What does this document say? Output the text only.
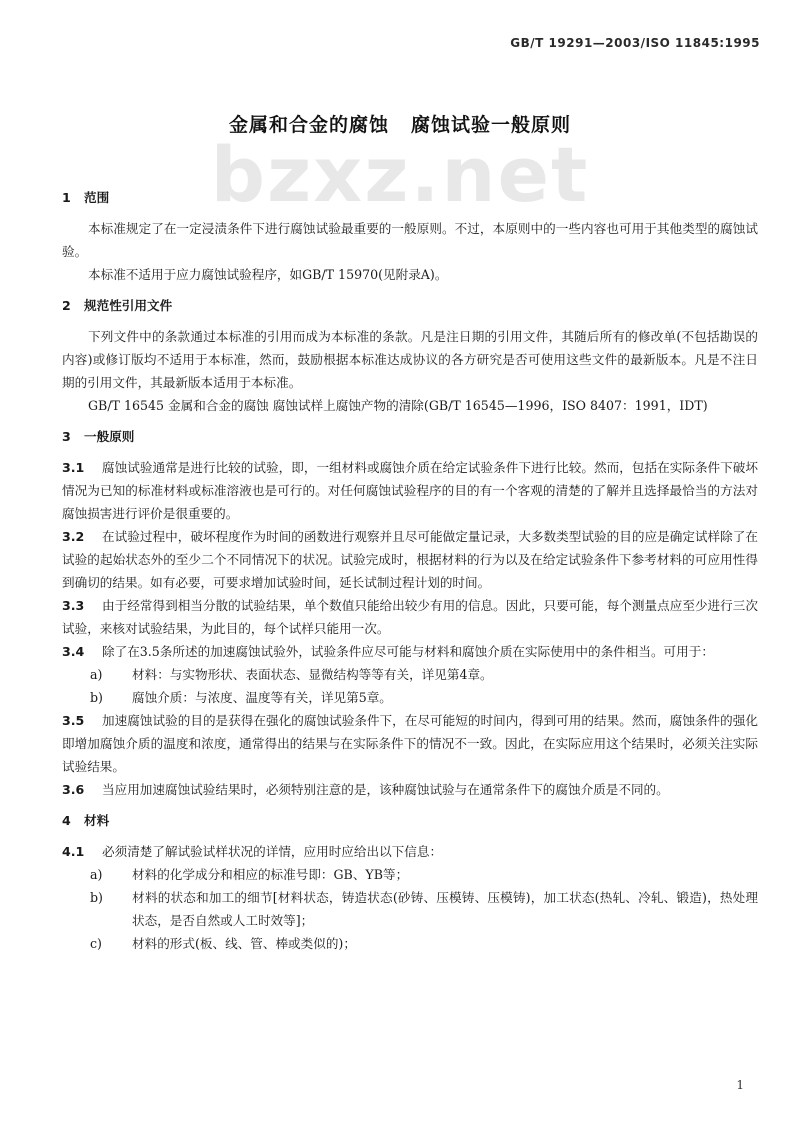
GB/T 19291—2003/ISO 11845:1995
bzxz.net
金属和合金的腐蚀 腐蚀试验一般原则
1 范围

本标准规定了在一定浸渍条件下进行腐蚀试验最重要的一般原则。不过，本原则中的一些内容也可用于其他类型的腐蚀试验。

本标准不适用于应力腐蚀试验程序，如GB/T 15970(见附录A)。

2 规范性引用文件

下列文件中的条款通过本标准的引用而成为本标准的条款。凡是注日期的引用文件，其随后所有的修改单(不包括勘误的内容)或修订版均不适用于本标准，然而，鼓励根据本标准达成协议的各方研究是否可使用这些文件的最新版本。凡是不注日期的引用文件，其最新版本适用于本标准。

GB/T 16545 金属和合金的腐蚀 腐蚀试样上腐蚀产物的清除(GB/T 16545—1996，ISO 8407：1991，IDT)

3 一般原则

3.1 腐蚀试验通常是进行比较的试验，即，一组材料或腐蚀介质在给定试验条件下进行比较。然而，包括在实际条件下破坏情况为已知的标准材料或标准溶液也是可行的。对任何腐蚀试验程序的目的有一个客观的清楚的了解并且选择最恰当的方法对腐蚀损害进行评价是很重要的。

3.2 在试验过程中，破坏程度作为时间的函数进行观察并且尽可能做定量记录，大多数类型试验的目的应是确定试样除了在试验的起始状态外的至少二个不同情况下的状况。试验完成时，根据材料的行为以及在给定试验条件下参考材料的可应用性得到确切的结果。如有必要，可要求增加试验时间，延长试制过程计划的时间。

3.3 由于经常得到相当分散的试验结果，单个数值只能给出较少有用的信息。因此，只要可能，每个测量点应至少进行三次试验，来核对试验结果，为此目的，每个试样只能用一次。

3.4 除了在3.5条所述的加速腐蚀试验外，试验条件应尽可能与材料和腐蚀介质在实际使用中的条件相当。可用于：

a) 材料：与实物形状、表面状态、显微结构等等有关，详见第4章。

b) 腐蚀介质：与浓度、温度等有关，详见第5章。

3.5 加速腐蚀试验的目的是获得在强化的腐蚀试验条件下，在尽可能短的时间内，得到可用的结果。然而，腐蚀条件的强化即增加腐蚀介质的温度和浓度，通常得出的结果与在实际条件下的情况不一致。因此，在实际应用这个结果时，必须关注实际试验结果。

3.6 当应用加速腐蚀试验结果时，必须特别注意的是，该种腐蚀试验与在通常条件下的腐蚀介质是不同的。

4 材料

4.1 必须清楚了解试验试样状况的详情，应用时应给出以下信息：

a) 材料的化学成分和相应的标准号即：GB、YB等；

b) 材料的状态和加工的细节[材料状态，铸造状态(砂铸、压模铸、压模铸)，加工状态(热轧、冷轧、锻造)，热处理状态，是否自然或人工时效等]；

c) 材料的形式(板、线、管、棒或类似的)；

1
